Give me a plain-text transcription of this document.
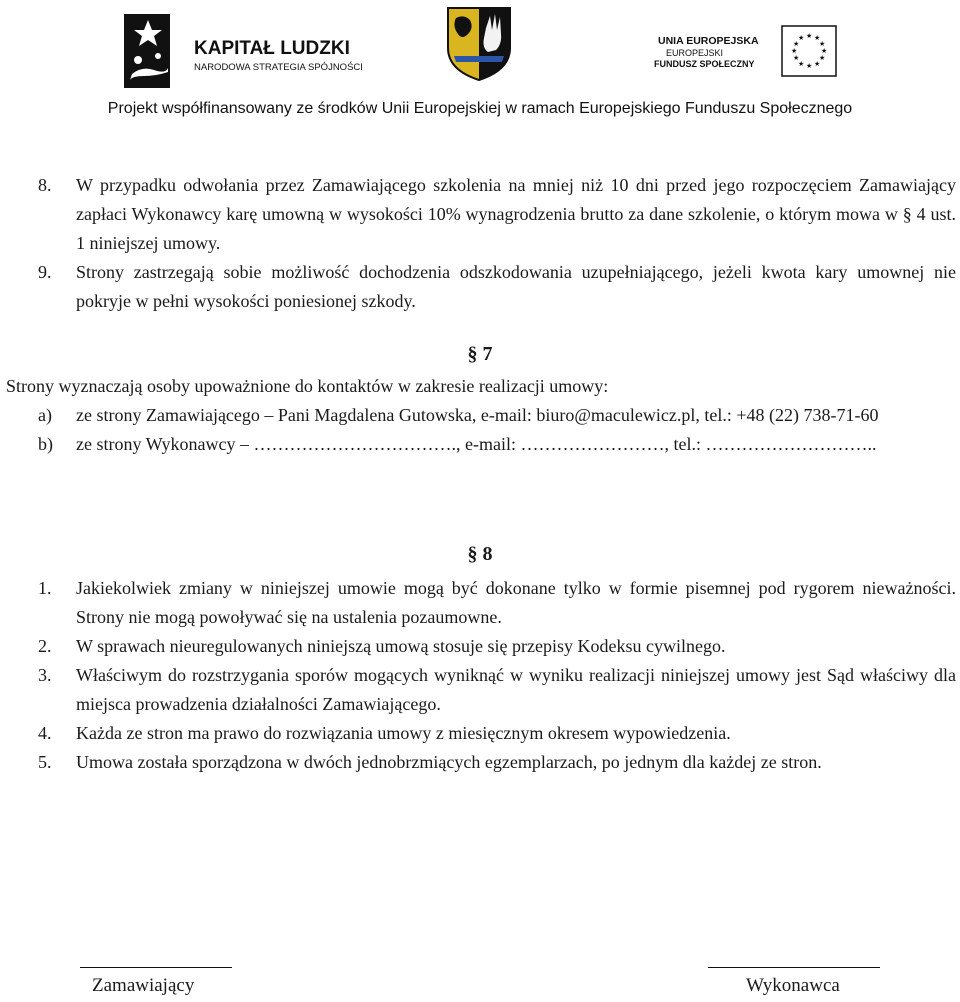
KAPITAŁ LUDZKI
NARODOWA STRATEGIA SPÓJNOŚCI
UNIA EUROPEJSKA
EUROPEJSKI
FUNDUSZ SPOŁECZNY
★ ★
★
★
★
★
★
★
★
★
★
★
Projekt współfinansowany ze środków Unii Europejskiej w ramach Europejskiego Funduszu Społecznego
8. W przypadku odwołania przez Zamawiającego szkolenia na mniej niż 10 dni przed jego rozpoczęciem Zamawiający zapłaci Wykonawcy karę umowną w wysokości 10% wynagrodzenia brutto za dane szkolenie, o którym mowa w § 4 ust. 1 niniejszej umowy.
9. Strony zastrzegają sobie możliwość dochodzenia odszkodowania uzupełniającego, jeżeli kwota kary umownej nie pokryje w pełni wysokości poniesionej szkody.
§ 7
Strony wyznaczają osoby upoważnione do kontaktów w zakresie realizacji umowy:
a) ze strony Zamawiającego – Pani Magdalena Gutowska, e-mail: biuro@maculewicz.pl, tel.: +48 (22) 738-71-60
b) ze strony Wykonawcy – ……………………………., e-mail: ……………………, tel.: ………………………..
§ 8
1. Jakiekolwiek zmiany w niniejszej umowie mogą być dokonane tylko w formie pisemnej pod rygorem nieważności. Strony nie mogą powoływać się na ustalenia pozaumowne.
2. W sprawach nieuregulowanych niniejszą umową stosuje się przepisy Kodeksu cywilnego.
3. Właściwym do rozstrzygania sporów mogących wyniknąć w wyniku realizacji niniejszej umowy jest Sąd właściwy dla miejsca prowadzenia działalności Zamawiającego.
4. Każda ze stron ma prawo do rozwiązania umowy z miesięcznym okresem wypowiedzenia.
5. Umowa została sporządzona w dwóch jednobrzmiących egzemplarzach, po jednym dla każdej ze stron.
Zamawiający	Wykonawca
